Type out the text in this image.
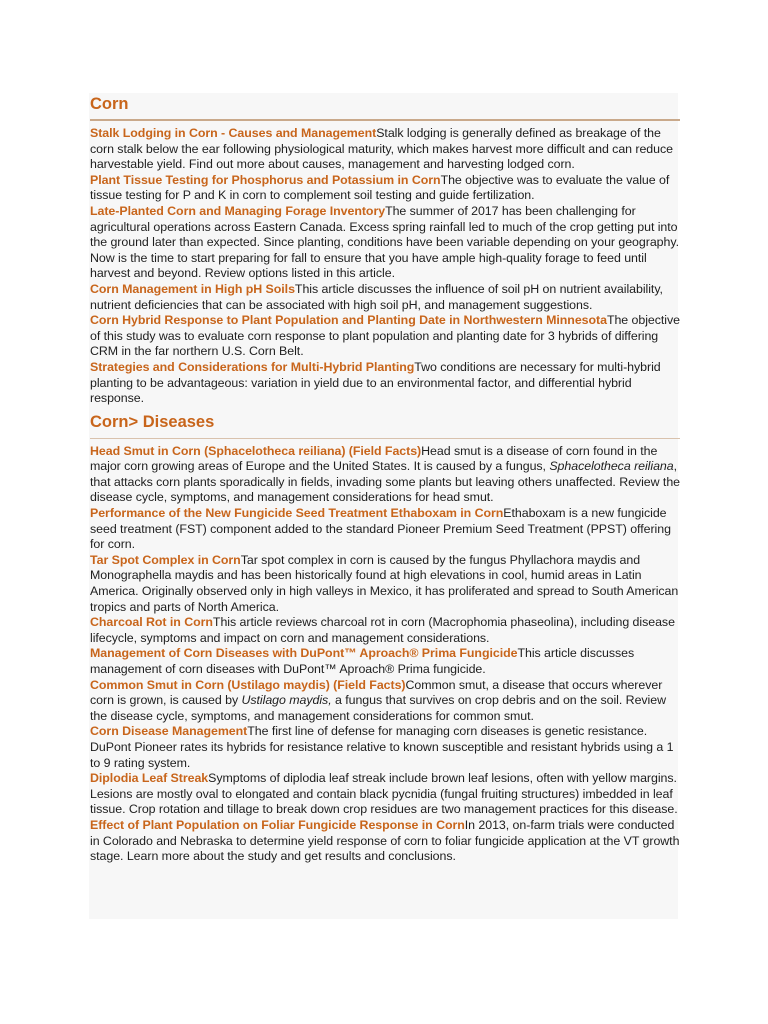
Corn

Stalk Lodging in Corn - Causes and ManagementStalk lodging is generally defined as breakage of the corn stalk below the ear following physiological maturity, which makes harvest more difficult and can reduce harvestable yield. Find out more about causes, management and harvesting lodged corn.

Plant Tissue Testing for Phosphorus and Potassium in CornThe objective was to evaluate the value of tissue testing for P and K in corn to complement soil testing and guide fertilization.

Late-Planted Corn and Managing Forage InventoryThe summer of 2017 has been challenging for agricultural operations across Eastern Canada. Excess spring rainfall led to much of the crop getting put into the ground later than expected. Since planting, conditions have been variable depending on your geography. Now is the time to start preparing for fall to ensure that you have ample high-quality forage to feed until harvest and beyond. Review options listed in this article.

Corn Management in High pH SoilsThis article discusses the influence of soil pH on nutrient availability, nutrient deficiencies that can be associated with high soil pH, and management suggestions.

Corn Hybrid Response to Plant Population and Planting Date in Northwestern MinnesotaThe objective of this study was to evaluate corn response to plant population and planting date for 3 hybrids of differing CRM in the far northern U.S. Corn Belt.

Strategies and Considerations for Multi-Hybrid PlantingTwo conditions are necessary for multi-hybrid planting to be advantageous: variation in yield due to an environmental factor, and differential hybrid response.

Corn> Diseases

Head Smut in Corn (Sphacelotheca reiliana) (Field Facts)Head smut is a disease of corn found in the major corn growing areas of Europe and the United States. It is caused by a fungus, Sphacelotheca reiliana, that attacks corn plants sporadically in fields, invading some plants but leaving others unaffected. Review the disease cycle, symptoms, and management considerations for head smut.

Performance of the New Fungicide Seed Treatment Ethaboxam in CornEthaboxam is a new fungicide seed treatment (FST) component added to the standard Pioneer Premium Seed Treatment (PPST) offering for corn.

Tar Spot Complex in CornTar spot complex in corn is caused by the fungus Phyllachora maydis and Monographella maydis and has been historically found at high elevations in cool, humid areas in Latin America. Originally observed only in high valleys in Mexico, it has proliferated and spread to South American tropics and parts of North America.

Charcoal Rot in CornThis article reviews charcoal rot in corn (Macrophomia phaseolina), including disease lifecycle, symptoms and impact on corn and management considerations.

Management of Corn Diseases with DuPont™ Aproach® Prima FungicideThis article discusses management of corn diseases with DuPont™ Aproach® Prima fungicide.

Common Smut in Corn (Ustilago maydis) (Field Facts)Common smut, a disease that occurs wherever corn is grown, is caused by Ustilago maydis, a fungus that survives on crop debris and on the soil. Review the disease cycle, symptoms, and management considerations for common smut.

Corn Disease ManagementThe first line of defense for managing corn diseases is genetic resistance. DuPont Pioneer rates its hybrids for resistance relative to known susceptible and resistant hybrids using a 1 to 9 rating system.

Diplodia Leaf StreakSymptoms of diplodia leaf streak include brown leaf lesions, often with yellow margins. Lesions are mostly oval to elongated and contain black pycnidia (fungal fruiting structures) imbedded in leaf tissue. Crop rotation and tillage to break down crop residues are two management practices for this disease.

Effect of Plant Population on Foliar Fungicide Response in CornIn 2013, on-farm trials were conducted in Colorado and Nebraska to determine yield response of corn to foliar fungicide application at the VT growth stage. Learn more about the study and get results and conclusions.
